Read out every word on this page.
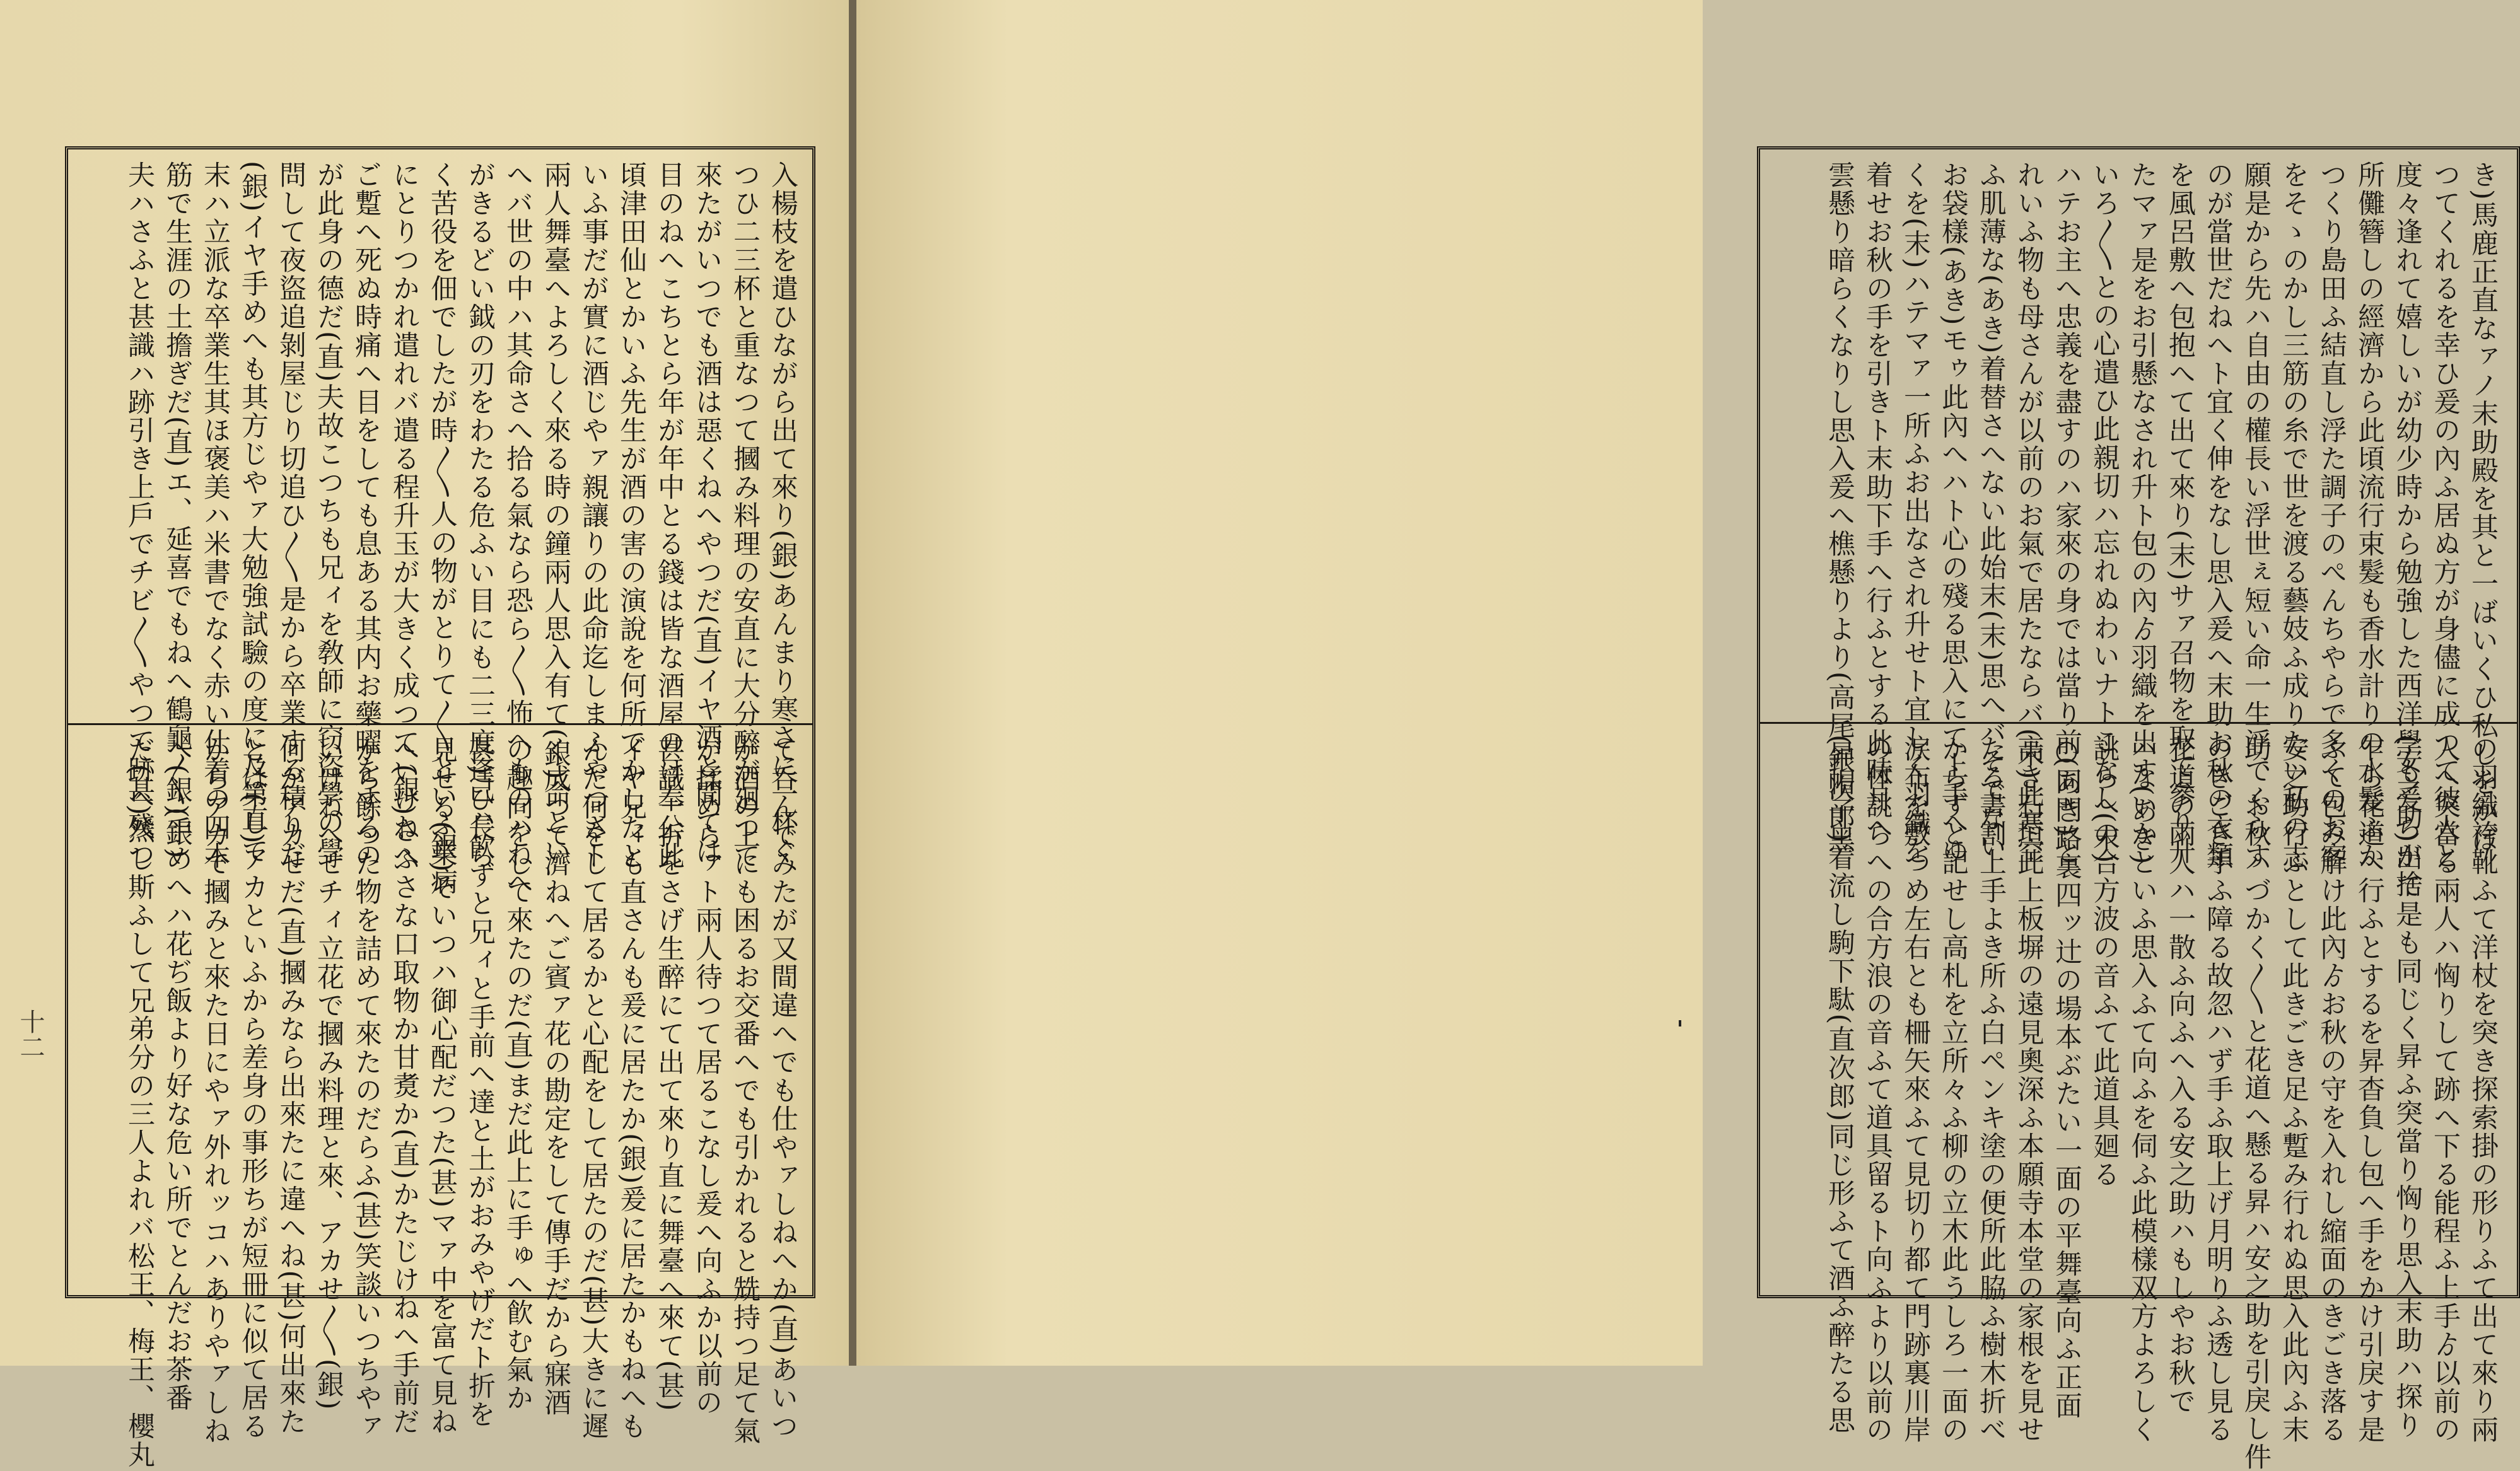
十二
入楊枝を遣ひながら出て來り(銀)あんまり寒さに一杯ぐ
つひ二三杯と重なつて摑み料理の安直に大分醉が廻つて
來たがいつでも酒は惡くねへやつだ(直)イヤ酒と聞ては
目のねへこちとら年が年中とる錢は皆な酒屋のけ奉公此
頃津田仙とかいふ先生が酒の害の演說を何所でかしたと
いふ事だが實に酒じやァ親讓りの此命迄しまふやつさト
兩人舞臺へよろしく來る時の鐘兩人思入有て(銀)命とい
へバ世の中ハ其命さへ拾る氣なら恐ら〳〵怖へものハねへ
がきるどい鉞の刃をわたる危ふい目にも二三度逢ひ長ら
く苦役を佃でしたが時〳〵人の物がとりて〳〵といふ業病
にとりつかれ遣れバ遣る程升玉が大きく成つていけねへ
ご蹔へ死ぬ時痛へ目をしても息ある其内お藥曜をするの
が此身の德だ(直)夫故こつちも兄ィを敎師に窃盜學の學
問して夜盜追剝屋じり切追ひ〳〵是から卒業する積りだ
(銀)イヤ手めへも其方じやァ大勉強試驗の度に及第して
末ハ立派な卒業生其ほ褒美ハ米書でなく赤い仕着の四本
筋で生涯の土擔ぎだ(直)エ、延喜でもねへ鶴龜〳〵(銀)
夫ハさふと甚識ハ跡引き上戶でチビ〳〵やつて跡へ殘つ
て呑んでみたが又間違へでも仕やァしねへか(直)あいつ
が酒の上にも困るお交番へでも引かれると兟持つ足て氣
が揉めらァト兩人待つて居るこなし爰へ向ふか以前の
甚識一折をさげ生醉にて出て來り直に舞臺へ來て(甚)
イヤ兄ィも直さんも爰に居たか(銀)爰に居たかもねへも
んだ何をして居るかと心配をして居たのだ(甚)大きに遲
く成つて濟ねへご賓ァ花の勘定をして傳手だから寐酒
の趣向をして來たのだ(直)まだ此上に手ゅへ飮む氣か
甚)己ハ飮ずと兄ィと手前へ達と土がおみやげだト折を
見せる(銀)そいつハ御心配だつた(甚)マァ中を富て見ね
へ(銀)さふさな口取物か甘煑か(直)かたじけねへ手前だ
から餘つた物を詰めて來たのだらふ(甚)笑談いつちやァ
いけねへせチィ立花で摑み料理と來、アカせ〳〵(銀)
何がアカせだ(直)摑みなら出來たに違へね(甚)何出來た
とは(直)アカといふから差身の事形ちが短冊に似て居る
からアカで摑みと來た日にやァ外れッコハありやァしね
へ(銀)手めへハ花ぢ飯より好な危い所でとんだお茶番
だ(甚)然し斯ふして兄弟分の三人よれバ松王、梅王、櫻丸
き)馬鹿正直なァノ末助殿を其と一ばいくひ私しをかば
つてくれるを幸ひ爰の內ふ居ぬ方が身儘に成つて彼人と
度々逢れて嬉しいが幼少時から勉強した西洋學も爰らが捨
所儺簪しの經濟から此頃流行束髮も香水計りの水髮ふか
つくり島田ふ結直し浮た調子のぺんちやらで多くのお客
をそゝのかし三筋の糸で世を渡る藝妓ふ成りたい私の志
願是から先ハ自由の權長い浮世ぇ短い命一生浮てくらす
のが當世だねへト宜く伸をなし思入爰へ末助お秋の衣類
を風呂敷へ包抱へて出て來り(末)サァ召物を取て參り升
たマァ是をお引懸なされ升ト包の內ゟ羽織を出す(あき)
いろ〳〵との心遣ひ此親切ハ忘れぬわいナトこなし(末)
ハテお主へ忠義を盡すのハ家來の身では當り前(あき)と
れいふ物も母さんが以前のお氣で居たならバ(末)此寒空
ふ肌薄な(あき)着替さへない此始末(末)思へバそでない
お袋樣(あき)モゥ此內へハト心の殘る思入にて上手へゆ
くを(末)ハテマァ一所ふお出なされ升せト宜しく羽織を
着せお秋の手を引きト末助下手へ行ふとする此時月へ
雲懸り暗らくなりし思入爰へ樵懸りより(高尾昇帽子黑
の羽織袴靴ふて洋杖を突き探索掛の形りふて出て來り兩
人へ突當る兩人ハ恟りして跡へ下る能程ふ上手ゟ以前の
(安之助)出て是も同じく昇ふ突當り恟り思入末助ハ探り
乍ら花道へ行ふとするを昇杳負し包へ手をかけ引戾す是
ふて包み解け此內ゟお秋の守を入れし縮面のきごき落る
安之助行ふとして此きごき足ふ蹔み行れぬ思入此內ふ末
助、お秋ハづかく〳〵と花道へ懸る昇ハ安之助を引戾し件
のきごき手ふ障る故忽ハず手ふ取上げ月明りふ透し見る
花道の兩人ハ一散ふ向ふへ入る安之助ハもしやお秋で
ハないかといふ思入ふて向ふを伺ふ此模樣双方よろしく
誂らへの合方波の音ふて此道具廻る
○同門路裏四ッ辻の場本ぶたい一面の平舞臺向ふ正面
高き石垣此上板塀の遠見奧深ふ本願寺本堂の家根を見せ
たる書割上手よき所ふ白ペンキ塗の便所此脇ふ樹木折べ
からずと記せし高札を立所々ふ柳の立木此うしろ一面の
涙布を敷つめ左右とも柵矢來ふて見切り都て門跡裏川岸
の体誂らへの合方浪の音ふて道具留るト向ふより以前の
(銀次郎)着流し駒下駄(直次郎)同じ形ふて酒ふ醉たる思
